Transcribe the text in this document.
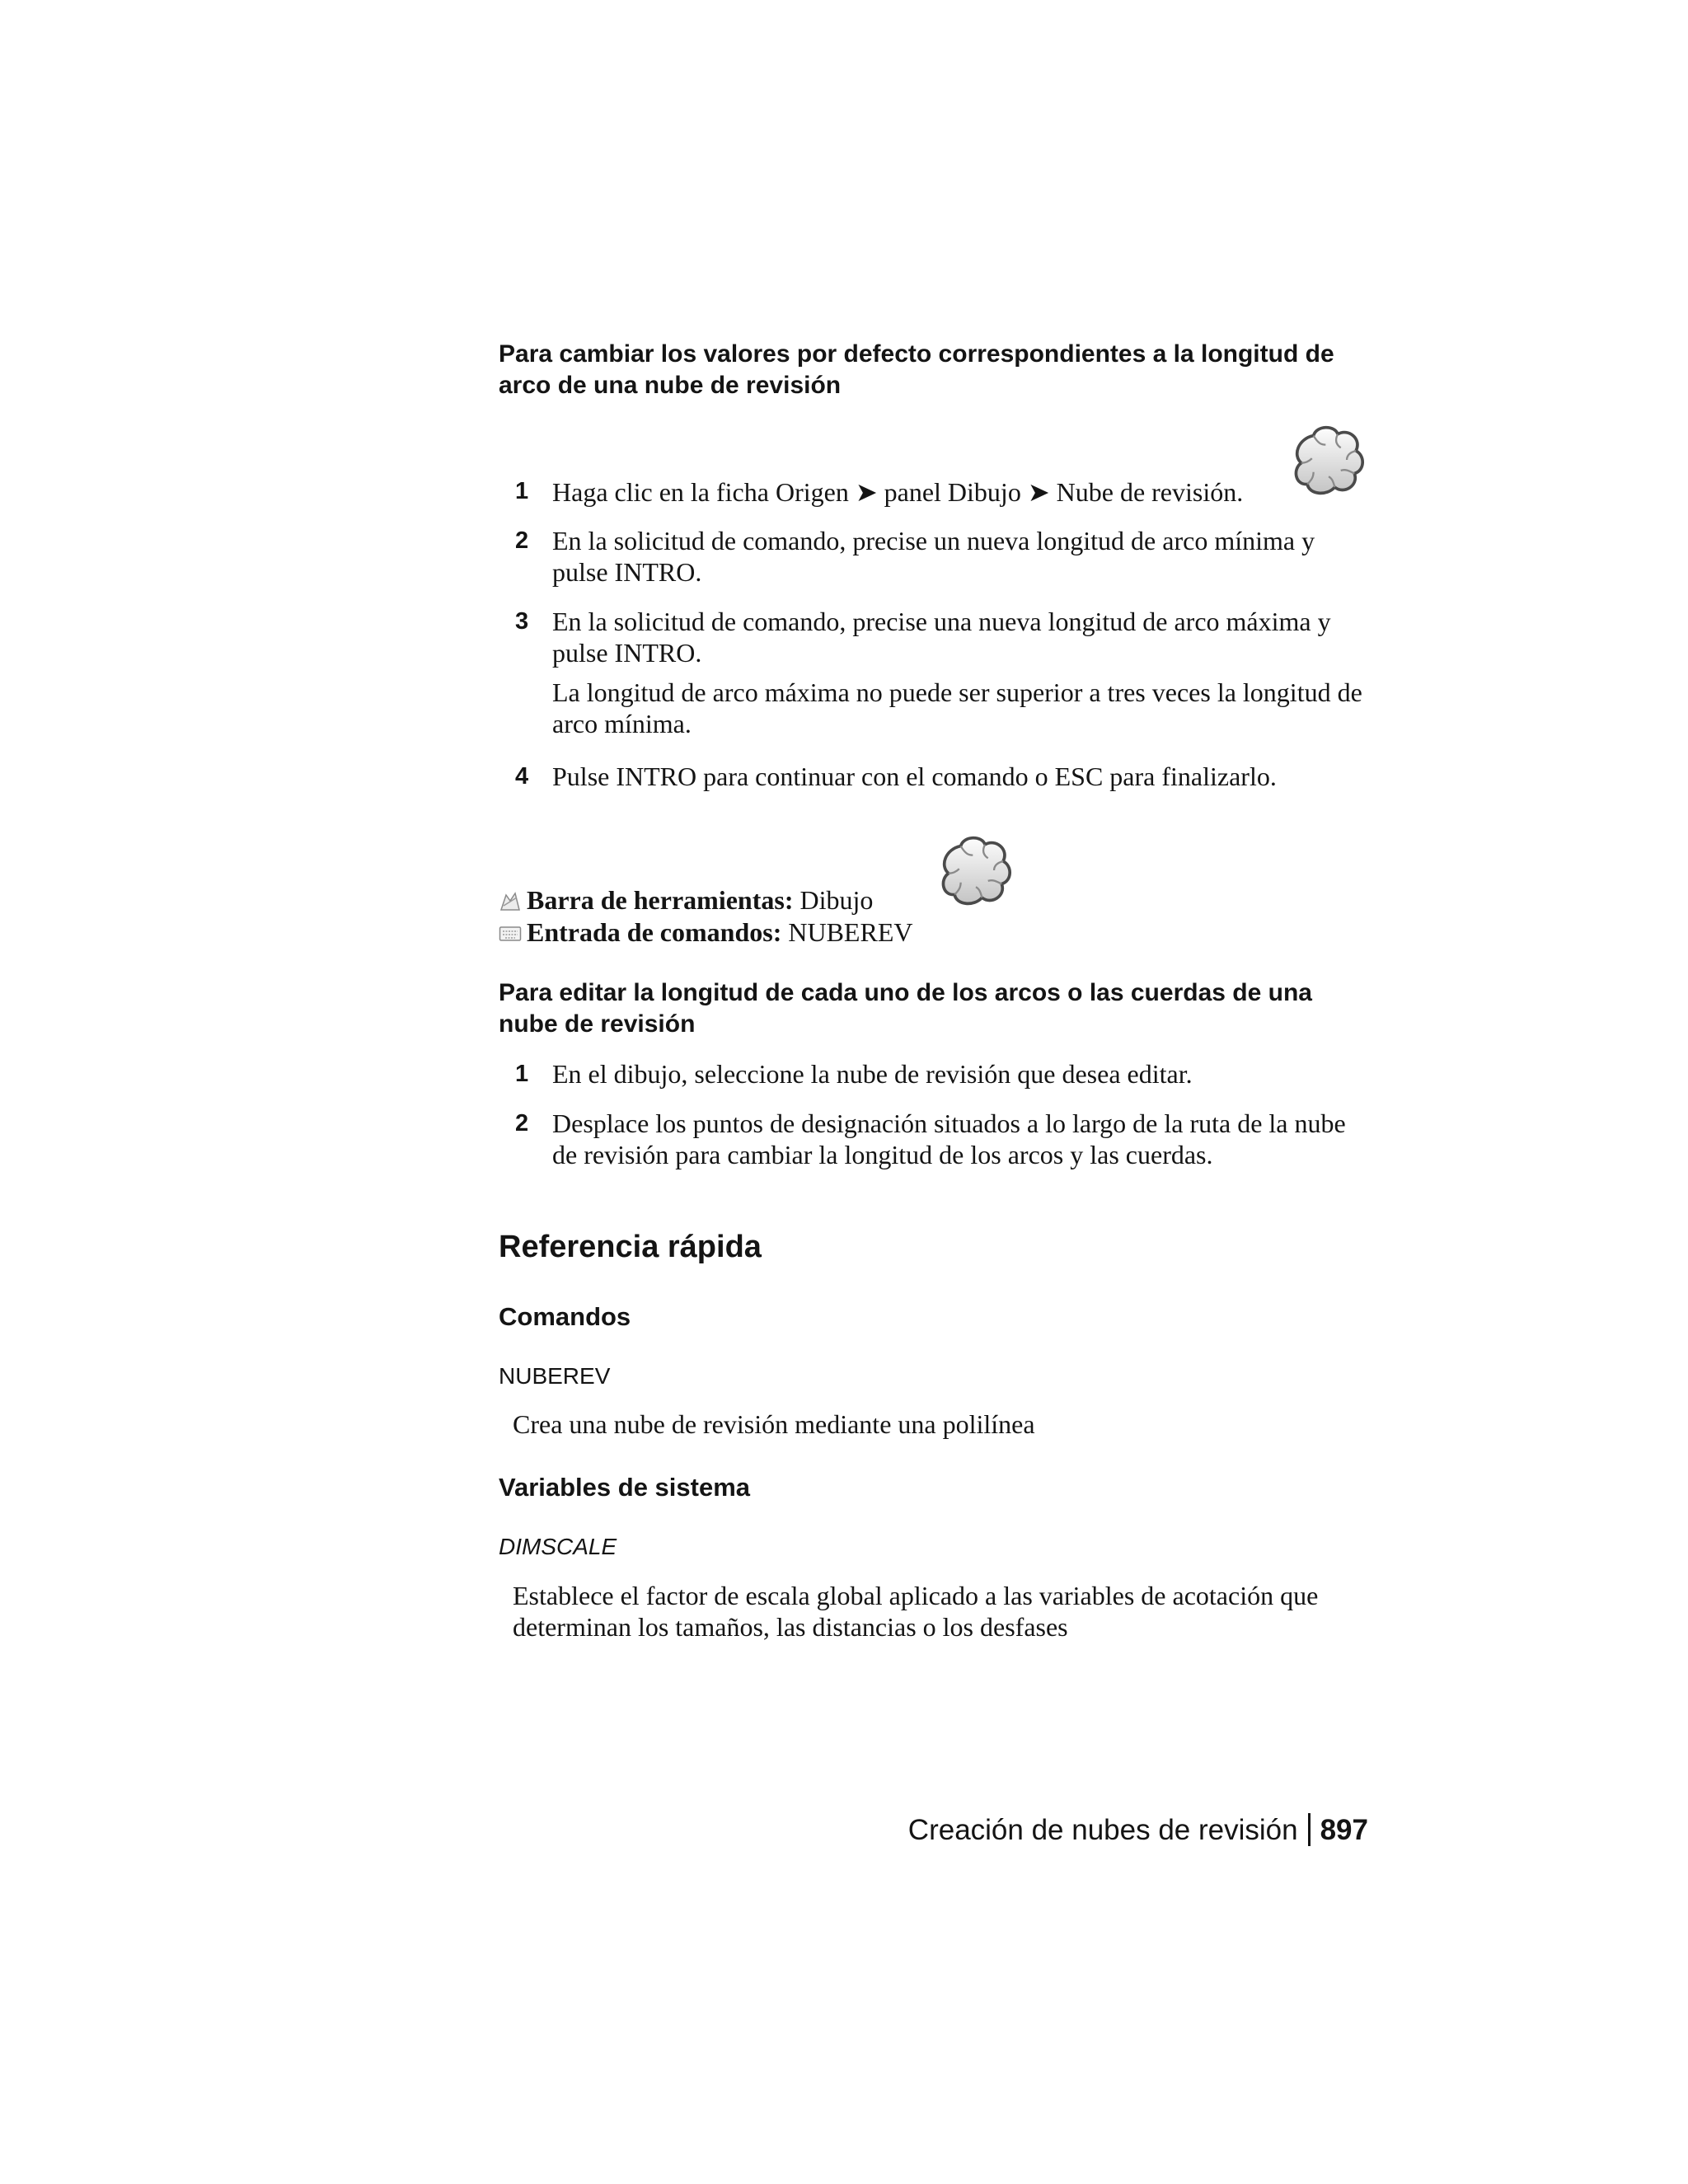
Para cambiar los valores por defecto correspondientes a la longitud de arco de una nube de revisión
1 Haga clic en la ficha Origen ➤ panel Dibujo ➤ Nube de revisión.
2 En la solicitud de comando, precise un nueva longitud de arco mínima y pulse INTRO.
3 En la solicitud de comando, precise una nueva longitud de arco máxima y pulse INTRO.
La longitud de arco máxima no puede ser superior a tres veces la longitud de arco mínima.
4 Pulse INTRO para continuar con el comando o ESC para finalizarlo.
Barra de herramientas: Dibujo
Entrada de comandos: NUBEREV
Para editar la longitud de cada uno de los arcos o las cuerdas de una nube de revisión
1 En el dibujo, seleccione la nube de revisión que desea editar.
2 Desplace los puntos de designación situados a lo largo de la ruta de la nube de revisión para cambiar la longitud de los arcos y las cuerdas.
Referencia rápida
Comandos
NUBEREV
Crea una nube de revisión mediante una polilínea
Variables de sistema
DIMSCALE
Establece el factor de escala global aplicado a las variables de acotación que determinan los tamaños, las distancias o los desfases
Creación de nubes de revisión 897
